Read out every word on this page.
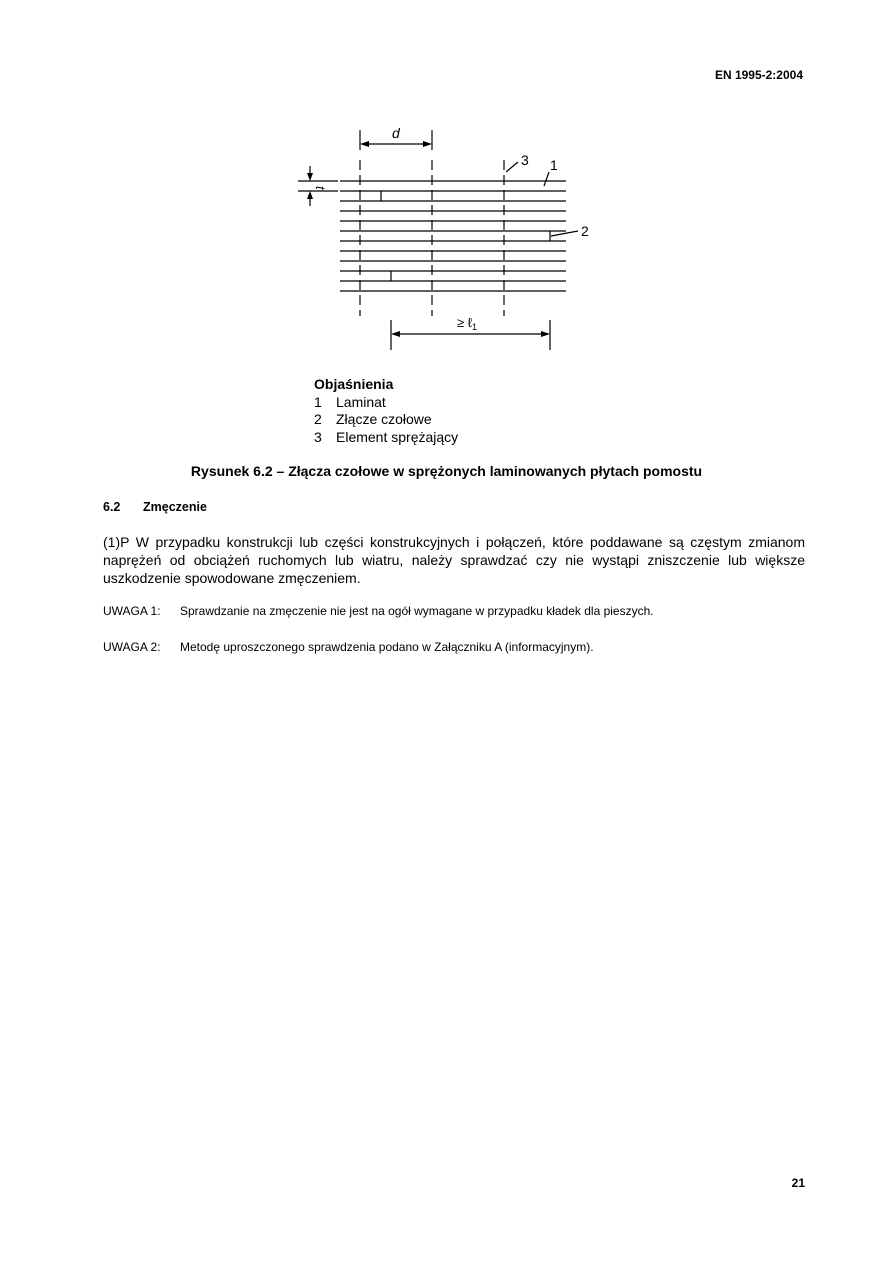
EN 1995-2:2004
d
t
≥ ℓ$_1$
3 1
2
Objaśnienia
1 Laminat
2 Złącze czołowe
3 Element sprężający
Rysunek 6.2 – Złącza czołowe w sprężonych laminowanych płytach pomostu
6.2 Zmęczenie
(1)P W przypadku konstrukcji lub części konstrukcyjnych i połączeń, które poddawane są częstym zmianom naprężeń od obciążeń ruchomych lub wiatru, należy sprawdzać czy nie wystąpi zniszczenie lub większe uszkodzenie spowodowane zmęczeniem.
UWAGA 1: Sprawdzanie na zmęczenie nie jest na ogół wymagane w przypadku kładek dla pieszych.
UWAGA 2: Metodę uproszczonego sprawdzenia podano w Załączniku A (informacyjnym).
21
